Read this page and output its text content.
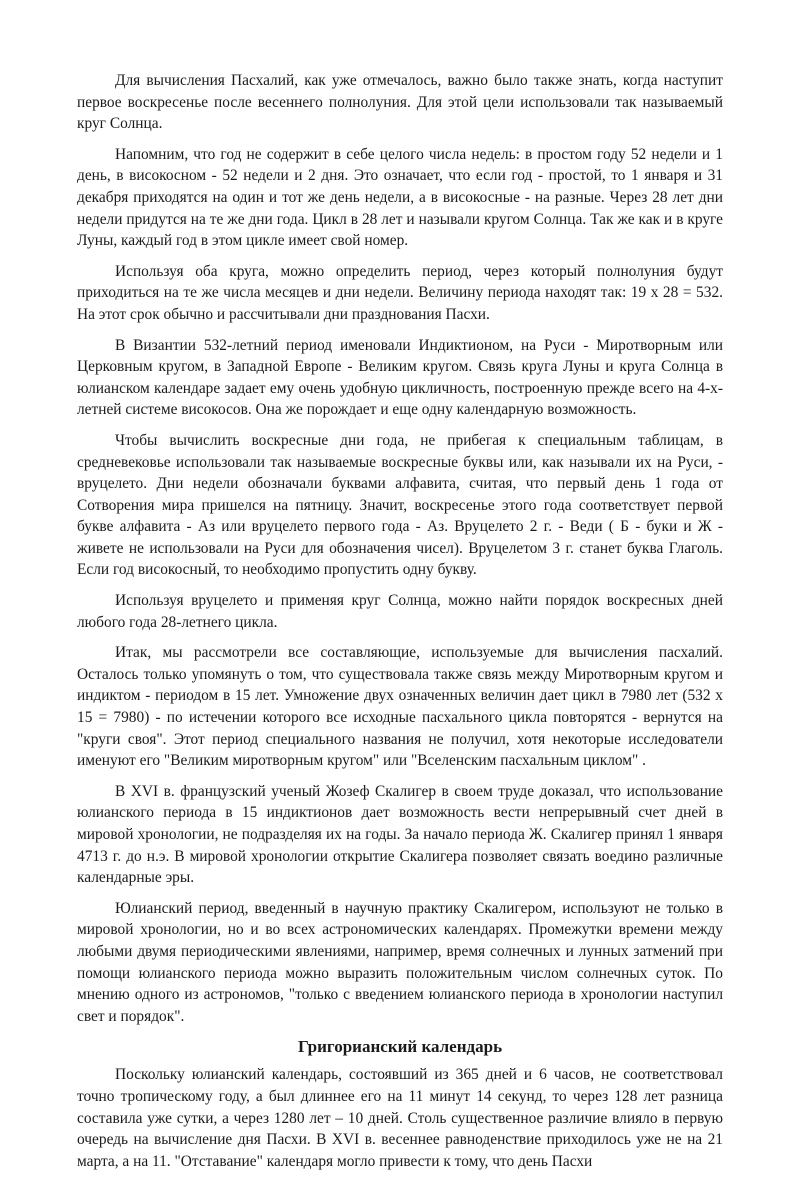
Для вычисления Пасхалий, как уже отмечалось, важно было также знать, когда наступит первое воскресенье после весеннего полнолуния. Для этой цели использовали так называемый круг Солнца.

Напомним, что год не содержит в себе целого числа недель: в простом году 52 недели и 1 день, в високосном - 52 недели и 2 дня. Это означает, что если год - простой, то 1 января и 31 декабря приходятся на один и тот же день недели, а в високосные - на разные. Через 28 лет дни недели придутся на те же дни года. Цикл в 28 лет и называли кругом Солнца. Так же как и в круге Луны, каждый год в этом цикле имеет свой номер.

Используя оба круга, можно определить период, через который полнолуния будут приходиться на те же числа месяцев и дни недели. Величину периода находят так: 19 х 28 = 532. На этот срок обычно и рассчитывали дни празднования Пасхи.

В Византии 532-летний период именовали Индиктионом, на Руси - Миротворным или Церковным кругом, в Западной Европе - Великим кругом. Связь круга Луны и круга Солнца в юлианском календаре задает ему очень удобную цикличность, построенную прежде всего на 4-х-летней системе високосов. Она же порождает и еще одну календарную возможность.

Чтобы вычислить воскресные дни года, не прибегая к специальным таблицам, в средневековье использовали так называемые воскресные буквы или, как называли их на Руси, - вруцелето. Дни недели обозначали буквами алфавита, считая, что первый день 1 года от Сотворения мира пришелся на пятницу. Значит, воскресенье этого года соответствует первой букве алфавита - Аз или вруцелето первого года - Аз. Вруцелето 2 г. - Веди ( Б - буки и Ж - живете не использовали на Руси для обозначения чисел). Вруцелетом 3 г. станет буква Глаголь. Если год високосный, то необходимо пропустить одну букву.

Используя вруцелето и применяя круг Солнца, можно найти порядок воскресных дней любого года 28-летнего цикла.

Итак, мы рассмотрели все составляющие, используемые для вычисления пасхалий. Осталось только упомянуть о том, что существовала также связь между Миротворным кругом и индиктом - периодом в 15 лет. Умножение двух означенных величин дает цикл в 7980 лет (532 х 15 = 7980) - по истечении которого все исходные пасхального цикла повторятся - вернутся на "круги своя". Этот период специального названия не получил, хотя некоторые исследователи именуют его "Великим миротворным кругом" или "Вселенским пасхальным циклом" .

В XVI в. французский ученый Жозеф Скалигер в своем труде доказал, что использование юлианского периода в 15 индиктионов дает возможность вести непрерывный счет дней в мировой хронологии, не подразделяя их на годы. За начало периода Ж. Скалигер принял 1 января 4713 г. до н.э. В мировой хронологии открытие Скалигера позволяет связать воедино различные календарные эры.

Юлианский период, введенный в научную практику Скалигером, используют не только в мировой хронологии, но и во всех астрономических календарях. Промежутки времени между любыми двумя периодическими явлениями, например, время солнечных и лунных затмений при помощи юлианского периода можно выразить положительным числом солнечных суток. По мнению одного из астрономов, "только с введением юлианского периода в хронологии наступил свет и порядок".

Григорианский календарь

Поскольку юлианский календарь, состоявший из 365 дней и 6 часов, не соответствовал точно тропическому году, а был длиннее его на 11 минут 14 секунд, то через 128 лет разница составила уже сутки, а через 1280 лет – 10 дней. Столь существенное различие влияло в первую очередь на вычисление дня Пасхи. В XVI в. весеннее равноденствие приходилось уже не на 21 марта, а на 11. "Отставание" календаря могло привести к тому, что день Пасхи
